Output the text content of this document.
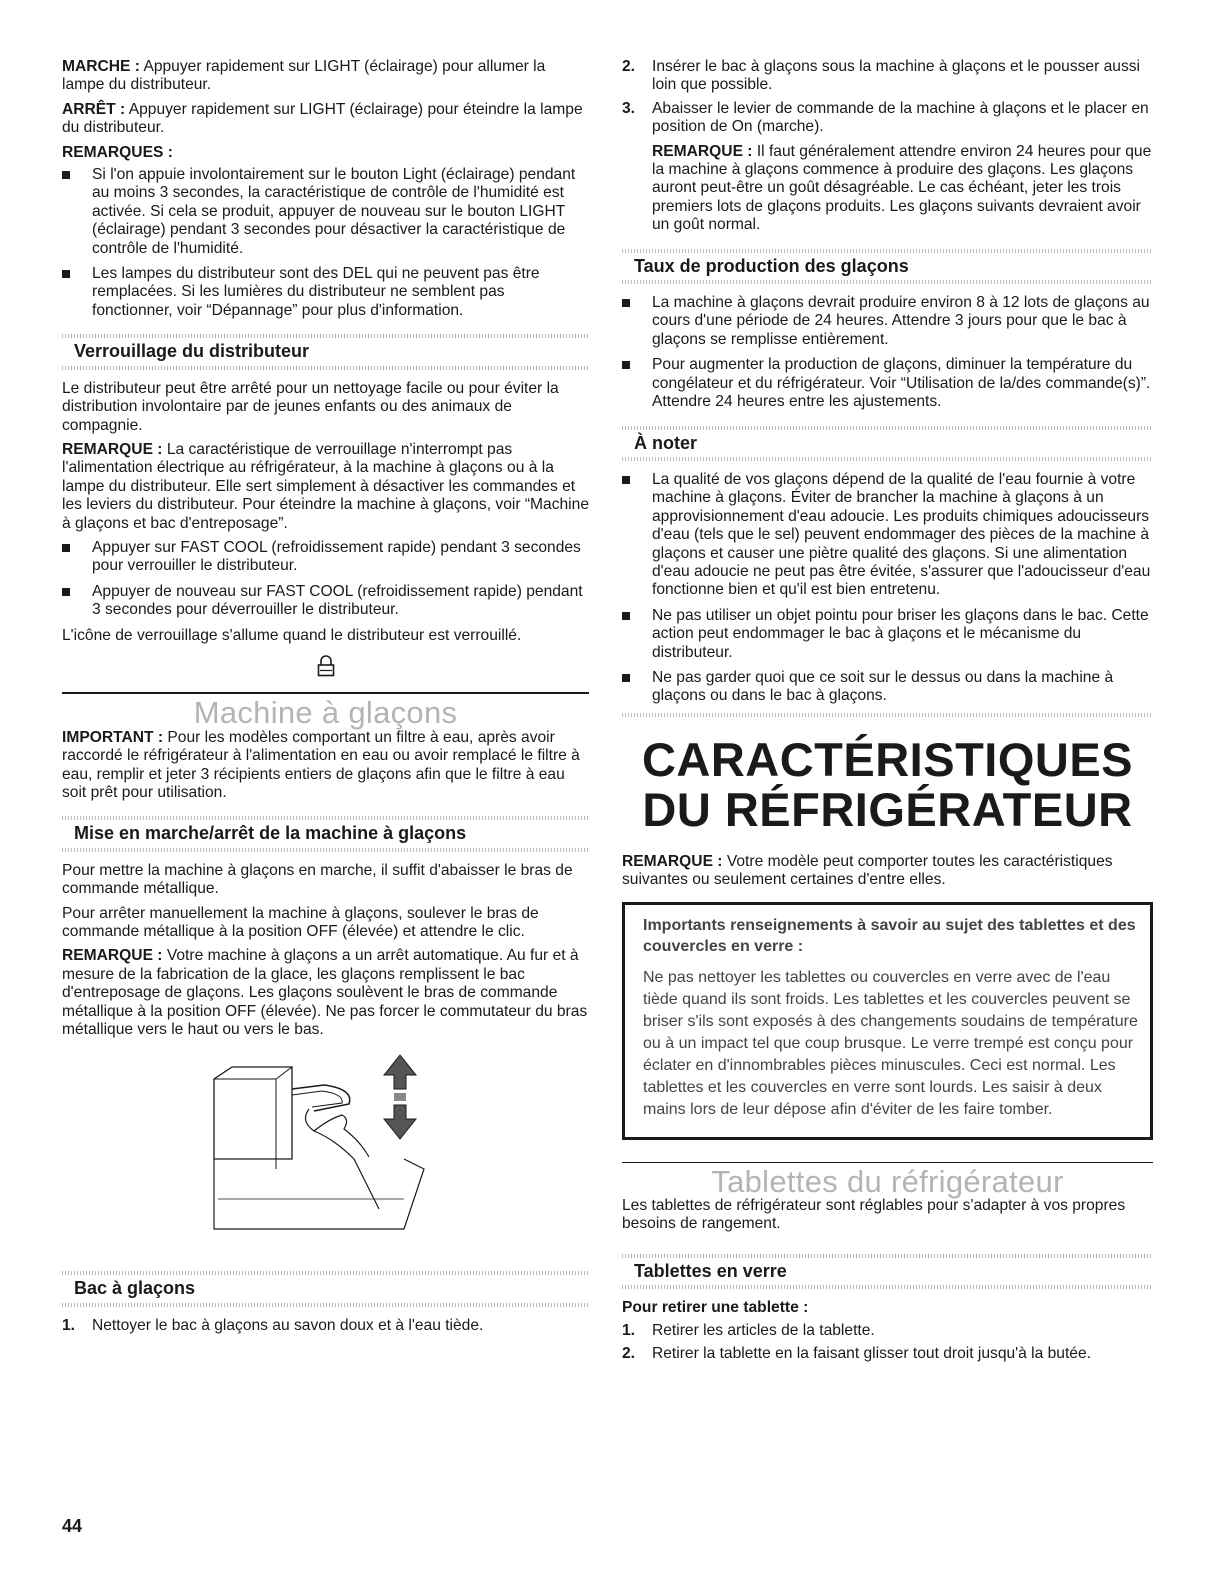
MARCHE : Appuyer rapidement sur LIGHT (éclairage) pour allumer la lampe du distributeur.

ARRÊT : Appuyer rapidement sur LIGHT (éclairage) pour éteindre la lampe du distributeur.

REMARQUES :
Si l'on appuie involontairement sur le bouton Light (éclairage) pendant au moins 3 secondes, la caractéristique de contrôle de l'humidité est activée. Si cela se produit, appuyer de nouveau sur le bouton LIGHT (éclairage) pendant 3 secondes pour désactiver la caractéristique de contrôle de l'humidité.
Les lampes du distributeur sont des DEL qui ne peuvent pas être remplacées. Si les lumières du distributeur ne semblent pas fonctionner, voir “Dépannage” pour plus d'information.
Verrouillage du distributeur

Le distributeur peut être arrêté pour un nettoyage facile ou pour éviter la distribution involontaire par de jeunes enfants ou des animaux de compagnie.

REMARQUE : La caractéristique de verrouillage n'interrompt pas l'alimentation électrique au réfrigérateur, à la machine à glaçons ou à la lampe du distributeur. Elle sert simplement à désactiver les commandes et les leviers du distributeur. Pour éteindre la machine à glaçons, voir “Machine à glaçons et bac d'entreposage”.

Appuyer sur FAST COOL (refroidissement rapide) pendant 3 secondes pour verrouiller le distributeur.
Appuyer de nouveau sur FAST COOL (refroidissement rapide) pendant 3 secondes pour déverrouiller le distributeur.

L'icône de verrouillage s'allume quand le distributeur est verrouillé.

Machine à glaçons

IMPORTANT : Pour les modèles comportant un filtre à eau, après avoir raccordé le réfrigérateur à l'alimentation en eau ou avoir remplacé le filtre à eau, remplir et jeter 3 récipients entiers de glaçons afin que le filtre à eau soit prêt pour utilisation.

Mise en marche/arrêt de la machine à glaçons

Pour mettre la machine à glaçons en marche, il suffit d'abaisser le bras de commande métallique.

Pour arrêter manuellement la machine à glaçons, soulever le bras de commande métallique à la position OFF (élevée) et attendre le clic.

REMARQUE : Votre machine à glaçons a un arrêt automatique. Au fur et à mesure de la fabrication de la glace, les glaçons remplissent le bac d'entreposage de glaçons. Les glaçons soulèvent le bras de commande métallique à la position OFF (élevée). Ne pas forcer le commutateur du bras métallique vers le haut ou vers le bas.

Bac à glaçons
1. Nettoyer le bac à glaçons au savon doux et à l'eau tiède.
2. Insérer le bac à glaçons sous la machine à glaçons et le pousser aussi loin que possible.
3. Abaisser le levier de commande de la machine à glaçons et le placer en position de On (marche).

REMARQUE : Il faut généralement attendre environ 24 heures pour que la machine à glaçons commence à produire des glaçons. Les glaçons auront peut-être un goût désagréable. Le cas échéant, jeter les trois premiers lots de glaçons produits. Les glaçons suivants devraient avoir un goût normal.

Taux de production des glaçons
La machine à glaçons devrait produire environ 8 à 12 lots de glaçons au cours d'une période de 24 heures. Attendre 3 jours pour que le bac à glaçons se remplisse entièrement.
Pour augmenter la production de glaçons, diminuer la température du congélateur et du réfrigérateur. Voir “Utilisation de la/des commande(s)”. Attendre 24 heures entre les ajustements.
À noter
La qualité de vos glaçons dépend de la qualité de l'eau fournie à votre machine à glaçons. Éviter de brancher la machine à glaçons à un approvisionnement d'eau adoucie. Les produits chimiques adoucisseurs d'eau (tels que le sel) peuvent endommager des pièces de la machine à glaçons et causer une piètre qualité des glaçons. Si une alimentation d'eau adoucie ne peut pas être évitée, s'assurer que l'adoucisseur d'eau fonctionne bien et qu'il est bien entretenu.
Ne pas utiliser un objet pointu pour briser les glaçons dans le bac. Cette action peut endommager le bac à glaçons et le mécanisme du distributeur.
Ne pas garder quoi que ce soit sur le dessus ou dans la machine à glaçons ou dans le bac à glaçons.
CARACTÉRISTIQUES
DU RÉFRIGÉRATEUR

REMARQUE : Votre modèle peut comporter toutes les caractéristiques suivantes ou seulement certaines d'entre elles.

Importants renseignements à savoir au sujet des tablettes et des couvercles en verre :

Ne pas nettoyer les tablettes ou couvercles en verre avec de l'eau tiède quand ils sont froids. Les tablettes et les couvercles peuvent se briser s'ils sont exposés à des changements soudains de température ou à un impact tel que coup brusque. Le verre trempé est conçu pour éclater en d'innombrables pièces minuscules. Ceci est normal. Les tablettes et les couvercles en verre sont lourds. Les saisir à deux mains lors de leur dépose afin d'éviter de les faire tomber.

Tablettes du réfrigérateur

Les tablettes de réfrigérateur sont réglables pour s'adapter à vos propres besoins de rangement.

Tablettes en verre
Pour retirer une tablette :
1. Retirer les articles de la tablette.
2. Retirer la tablette en la faisant glisser tout droit jusqu'à la butée.
44
